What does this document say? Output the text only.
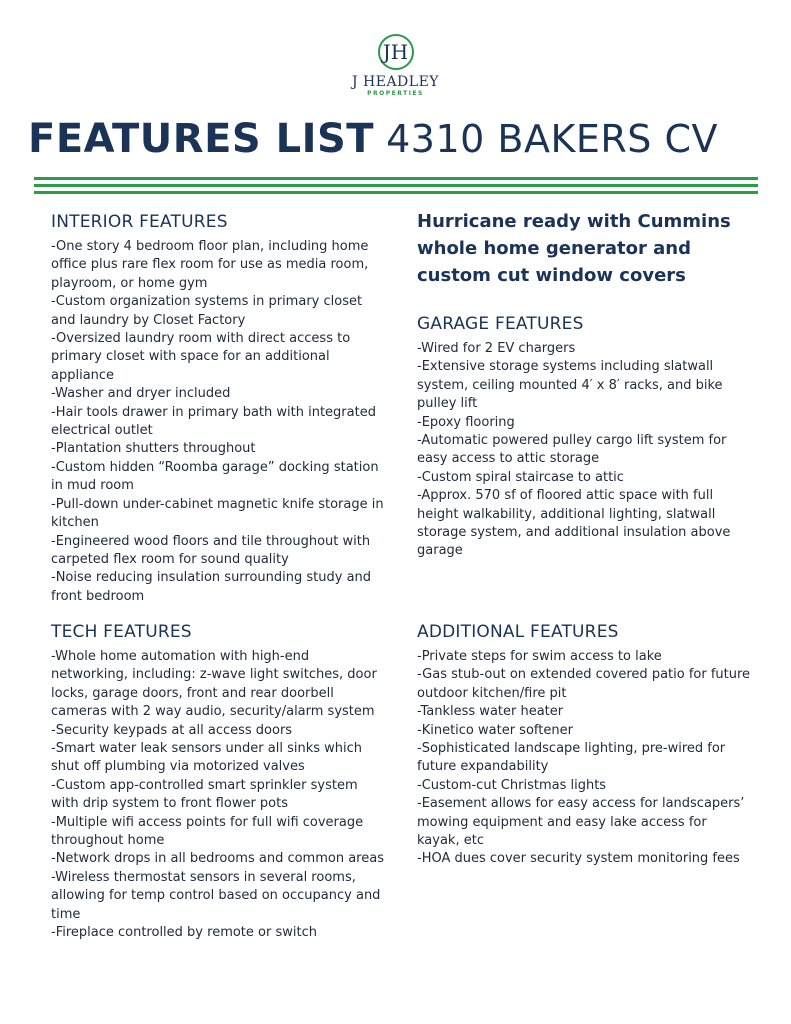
JH
J HEADLEY
PROPERTIES
FEATURES LIST 4310 BAKERS CV
INTERIOR FEATURES
-One story 4 bedroom floor plan, including home office plus rare flex room for use as media room, playroom, or home gym
-Custom organization systems in primary closet and laundry by Closet Factory
-Oversized laundry room with direct access to primary closet with space for an additional appliance
-Washer and dryer included
-Hair tools drawer in primary bath with integrated electrical outlet
-Plantation shutters throughout
-Custom hidden “Roomba garage” docking station in mud room
-Pull-down under-cabinet magnetic knife storage in kitchen
-Engineered wood floors and tile throughout with carpeted flex room for sound quality
-Noise reducing insulation surrounding study and front bedroom
Hurricane ready with Cummins whole home generator and custom cut window covers
GARAGE FEATURES
-Wired for 2 EV chargers
-Extensive storage systems including slatwall system, ceiling mounted 4′ x 8′ racks, and bike pulley lift
-Epoxy flooring
-Automatic powered pulley cargo lift system for easy access to attic storage
-Custom spiral staircase to attic
-Approx. 570 sf of floored attic space with full height walkability, additional lighting, slatwall storage system, and additional insulation above garage
TECH FEATURES
-Whole home automation with high-end networking, including: z-wave light switches, door locks, garage doors, front and rear doorbell cameras with 2 way audio, security/alarm system
-Security keypads at all access doors
-Smart water leak sensors under all sinks which shut off plumbing via motorized valves
-Custom app-controlled smart sprinkler system with drip system to front flower pots
-Multiple wifi access points for full wifi coverage throughout home
-Network drops in all bedrooms and common areas
-Wireless thermostat sensors in several rooms, allowing for temp control based on occupancy and time
-Fireplace controlled by remote or switch
ADDITIONAL FEATURES
-Private steps for swim access to lake
-Gas stub-out on extended covered patio for future outdoor kitchen/fire pit
-Tankless water heater
-Kinetico water softener
-Sophisticated landscape lighting, pre-wired for future expandability
-Custom-cut Christmas lights
-Easement allows for easy access for landscapers’ mowing equipment and easy lake access for kayak, etc
-HOA dues cover security system monitoring fees
